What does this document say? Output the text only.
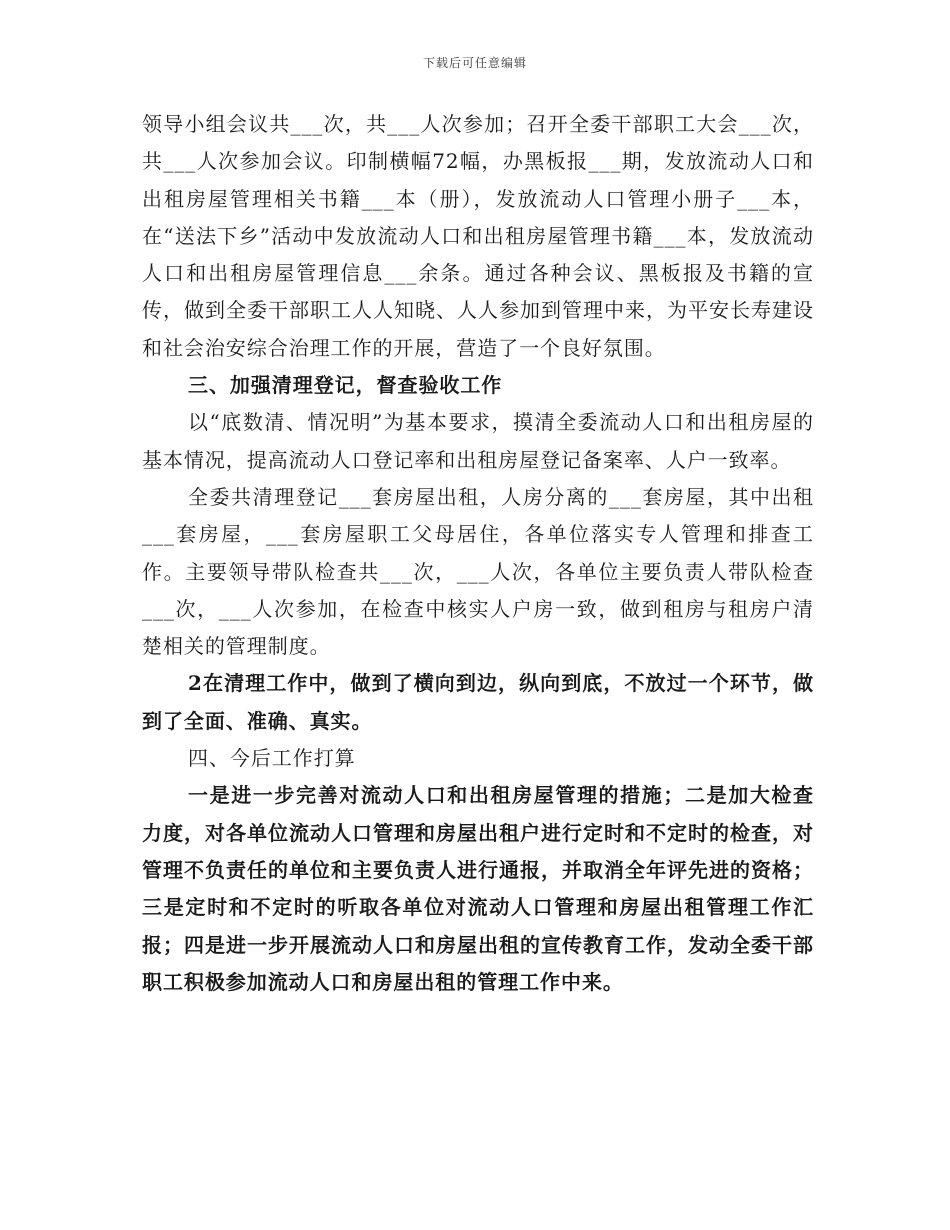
下载后可任意编辑

领导小组会议共___次，共___人次参加；召开全委干部职工大会___次，共___人次参加会议。印制横幅72幅，办黑板报___期，发放流动人口和出租房屋管理相关书籍___本（册），发放流动人口管理小册子___本，在“送法下乡”活动中发放流动人口和出租房屋管理书籍___本，发放流动人口和出租房屋管理信息___余条。通过各种会议、黑板报及书籍的宣传，做到全委干部职工人人知晓、人人参加到管理中来，为平安长寿建设和社会治安综合治理工作的开展，营造了一个良好氛围。

三、加强清理登记，督查验收工作

以“底数清、情况明”为基本要求，摸清全委流动人口和出租房屋的基本情况，提高流动人口登记率和出租房屋登记备案率、人户一致率。

全委共清理登记___套房屋出租，人房分离的___套房屋，其中出租___套房屋，___套房屋职工父母居住，各单位落实专人管理和排查工作。主要领导带队检查共___次，___人次，各单位主要负责人带队检查___次，___人次参加，在检查中核实人户房一致，做到租房与租房户清楚相关的管理制度。

2在清理工作中，做到了横向到边，纵向到底，不放过一个环节，做到了全面、准确、真实。

四、今后工作打算

一是进一步完善对流动人口和出租房屋管理的措施；二是加大检查力度，对各单位流动人口管理和房屋出租户进行定时和不定时的检查，对管理不负责任的单位和主要负责人进行通报，并取消全年评先进的资格；三是定时和不定时的听取各单位对流动人口管理和房屋出租管理工作汇报；四是进一步开展流动人口和房屋出租的宣传教育工作，发动全委干部职工积极参加流动人口和房屋出租的管理工作中来。
